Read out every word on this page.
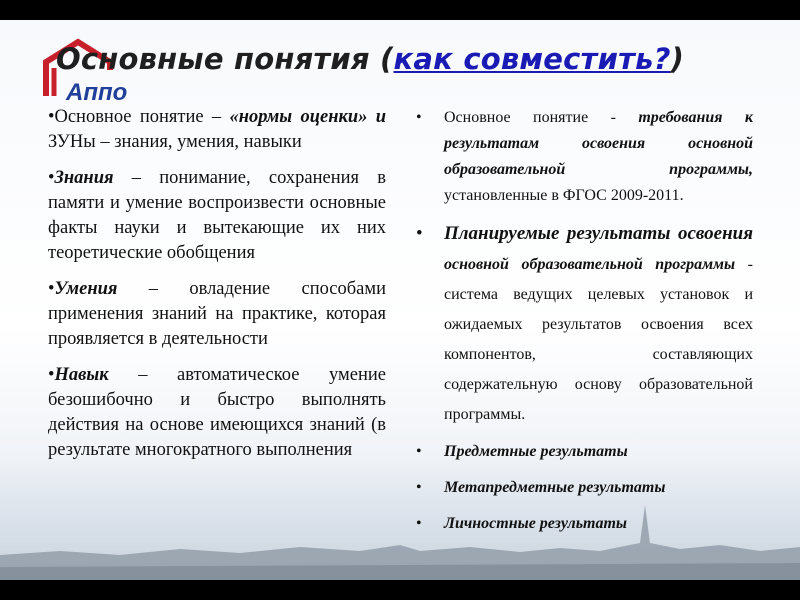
Аппо
Основные понятия (как совместить?)

•Основное понятие – «нормы оценки» и ЗУНы – знания, умения, навыки

•Знания – понимание, сохранения в памяти и умение воспроизвести основные факты науки и вытекающие их них теоретические обобщения

•Умения – овладение способами применения знаний на практике, которая проявляется в деятельности

•Навык – автоматическое умение безошибочно и быстро выполнять действия на основе имеющихся знаний (в результате многократного выполнения

• Основное понятие - требования к результатам освоения основной образовательной программы, установленные в ФГОС 2009-2011.

• Планируемые результаты освоения основной образовательной программы - система ведущих целевых установок и ожидаемых результатов освоения всех компонентов, составляющих содержательную основу образовательной программы.

• Предметные результаты

• Метапредметные результаты

• Личностные результаты
